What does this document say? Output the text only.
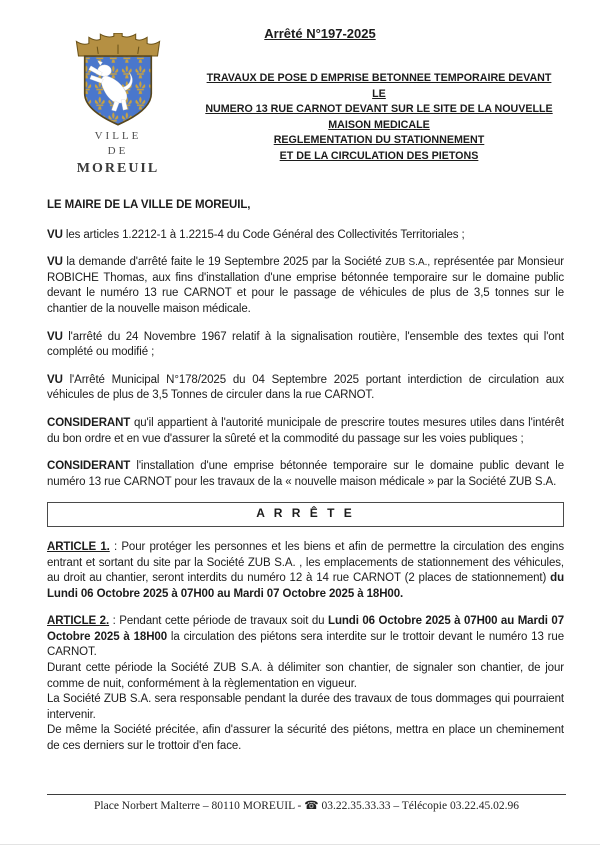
VILLE
DE
MOREUIL
Arrêté N°197-2025
TRAVAUX DE POSE D EMPRISE BETONNEE TEMPORAIRE DEVANT LE
NUMERO 13 RUE CARNOT DEVANT SUR LE SITE DE LA NOUVELLE
MAISON MEDICALE
REGLEMENTATION DU STATIONNEMENT
ET DE LA CIRCULATION DES PIETONS

LE MAIRE DE LA VILLE DE MOREUIL,

VU les articles 1.2212-1 à 1.2215-4 du Code Général des Collectivités Territoriales ;

VU la demande d'arrêté faite le 19 Septembre 2025 par la Société ZUB S.A., représentée par Monsieur ROBICHE Thomas, aux fins d'installation d'une emprise bétonnée temporaire sur le domaine public devant le numéro 13 rue CARNOT et pour le passage de véhicules de plus de 3,5 tonnes sur le chantier de la nouvelle maison médicale.

VU l'arrêté du 24 Novembre 1967 relatif à la signalisation routière, l'ensemble des textes qui l'ont complété ou modifié ;

VU l'Arrêté Municipal N°178/2025 du 04 Septembre 2025 portant interdiction de circulation aux véhicules de plus de 3,5 Tonnes de circuler dans la rue CARNOT.

CONSIDERANT qu'il appartient à l'autorité municipale de prescrire toutes mesures utiles dans l'intérêt du bon ordre et en vue d'assurer la sûreté et la commodité du passage sur les voies publiques ;

CONSIDERANT l'installation d'une emprise bétonnée temporaire sur le domaine public devant le numéro 13 rue CARNOT pour les travaux de la « nouvelle maison médicale » par la Société ZUB S.A.

A R R Ê T E

ARTICLE 1. : Pour protéger les personnes et les biens et afin de permettre la circulation des engins entrant et sortant du site par la Société ZUB S.A. , les emplacements de stationnement des véhicules, au droit au chantier, seront interdits du numéro 12 à 14 rue CARNOT (2 places de stationnement) du Lundi 06 Octobre 2025 à 07H00 au Mardi 07 Octobre 2025 à 18H00.

ARTICLE 2. : Pendant cette période de travaux soit du Lundi 06 Octobre 2025 à 07H00 au Mardi 07 Octobre 2025 à 18H00 la circulation des piétons sera interdite sur le trottoir devant le numéro 13 rue CARNOT.

Durant cette période la Société ZUB S.A. à délimiter son chantier, de signaler son chantier, de jour comme de nuit, conformément à la règlementation en vigueur.

La Société ZUB S.A. sera responsable pendant la durée des travaux de tous dommages qui pourraient intervenir.

De même la Société précitée, afin d'assurer la sécurité des piétons, mettra en place un cheminement de ces derniers sur le trottoir d'en face.

Place Norbert Malterre – 80110 MOREUIL - ☎ 03.22.35.33.33 – Télécopie 03.22.45.02.96
